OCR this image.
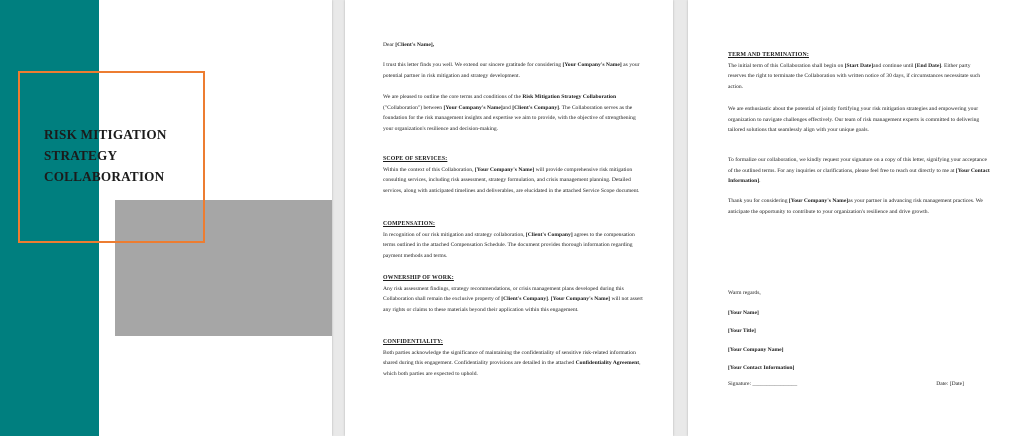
RISK MITIGATION
STRATEGY
COLLABORATION

Dear [Client's Name],

I trust this letter finds you well. We extend our sincere gratitude for considering [Your Company's Name] as your potential partner in risk mitigation and strategy development.

We are pleased to outline the core terms and conditions of the Risk Mitigation Strategy Collaboration ("Collaboration") between [Your Company's Name]and [Client's Company]. The Collaboration serves as the foundation for the risk management insights and expertise we aim to provide, with the objective of strengthening your organization's resilience and decision-making.

SCOPE OF SERVICES:

Within the context of this Collaboration, [Your Company's Name] will provide comprehensive risk mitigation consulting services, including risk assessment, strategy formulation, and crisis management planning. Detailed services, along with anticipated timelines and deliverables, are elucidated in the attached Service Scope document.

COMPENSATION:

In recognition of our risk mitigation and strategy collaboration, [Client's Company] agrees to the compensation terms outlined in the attached Compensation Schedule. The document provides thorough information regarding payment methods and terms.

OWNERSHIP OF WORK:

Any risk assessment findings, strategy recommendations, or crisis management plans developed during this Collaboration shall remain the exclusive property of [Client's Company]. [Your Company's Name] will not assert any rights or claims to these materials beyond their application within this engagement.

CONFIDENTIALITY:

Both parties acknowledge the significance of maintaining the confidentiality of sensitive risk-related information shared during this engagement. Confidentiality provisions are detailed in the attached Confidentiality Agreement, which both parties are expected to uphold.

TERM AND TERMINATION:

The initial term of this Collaboration shall begin on [Start Date]and continue until [End Date]. Either party reserves the right to terminate the Collaboration with written notice of 30 days, if circumstances necessitate such action.

We are enthusiastic about the potential of jointly fortifying your risk mitigation strategies and empowering your organization to navigate challenges effectively. Our team of risk management experts is committed to delivering tailored solutions that seamlessly align with your unique goals.

To formalize our collaboration, we kindly request your signature on a copy of this letter, signifying your acceptance of the outlined terms. For any inquiries or clarifications, please feel free to reach out directly to me at [Your Contact Information].

Thank you for considering [Your Company's Name]as your partner in advancing risk management practices. We anticipate the opportunity to contribute to your organization's resilience and drive growth.

Warm regards,

[Your Name]

[Your Title]

[Your Company Name]

[Your Contact Information]

Signature: ________________	Date: [Date]
